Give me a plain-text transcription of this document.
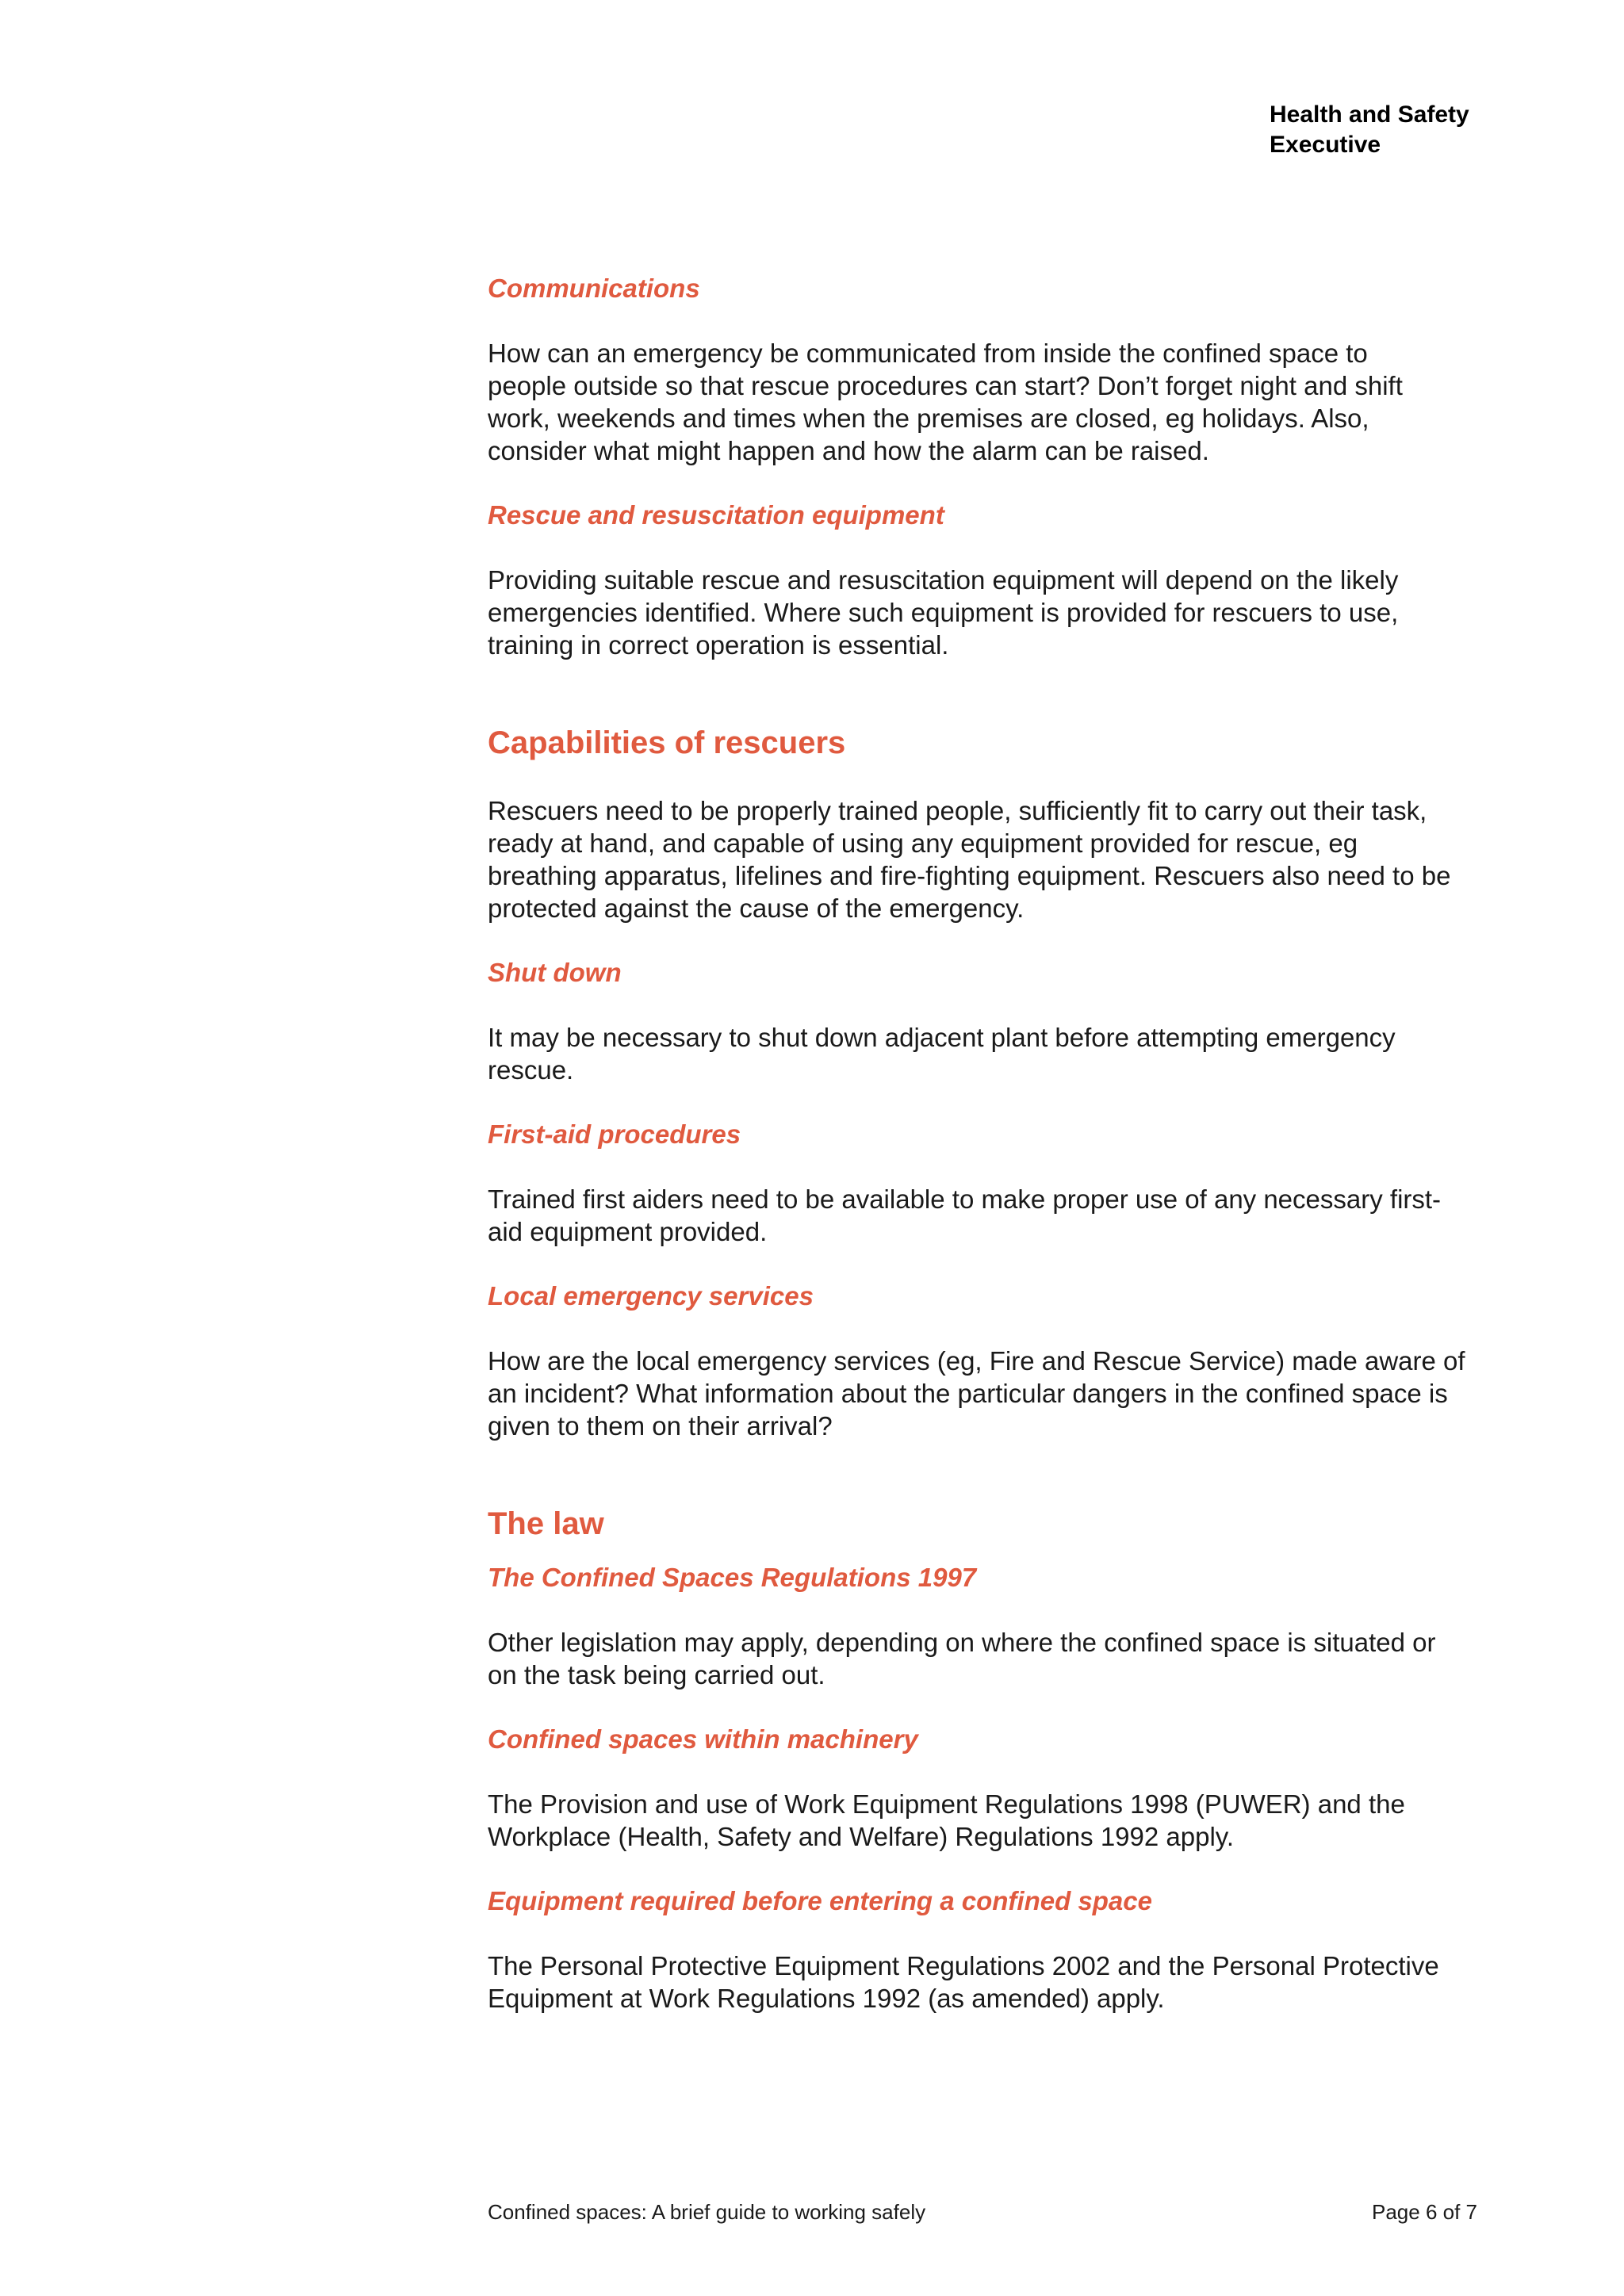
Health and Safety
Executive

Communications

How can an emergency be communicated from inside the confined space to
people outside so that rescue procedures can start? Don’t forget night and shift
work, weekends and times when the premises are closed, eg holidays. Also,
consider what might happen and how the alarm can be raised.

Rescue and resuscitation equipment

Providing suitable rescue and resuscitation equipment will depend on the likely
emergencies identified. Where such equipment is provided for rescuers to use,
training in correct operation is essential.

Capabilities of rescuers

Rescuers need to be properly trained people, sufficiently fit to carry out their task,
ready at hand, and capable of using any equipment provided for rescue, eg
breathing apparatus, lifelines and fire-fighting equipment. Rescuers also need to be
protected against the cause of the emergency.

Shut down

It may be necessary to shut down adjacent plant before attempting emergency
rescue.

First-aid procedures

Trained first aiders need to be available to make proper use of any necessary first-
aid equipment provided.

Local emergency services

How are the local emergency services (eg, Fire and Rescue Service) made aware of
an incident? What information about the particular dangers in the confined space is
given to them on their arrival?

The law

The Confined Spaces Regulations 1997

Other legislation may apply, depending on where the confined space is situated or
on the task being carried out.

Confined spaces within machinery

The Provision and use of Work Equipment Regulations 1998 (PUWER) and the
Workplace (Health, Safety and Welfare) Regulations 1992 apply.

Equipment required before entering a confined space

The Personal Protective Equipment Regulations 2002 and the Personal Protective
Equipment at Work Regulations 1992 (as amended) apply.

Confined spaces: A brief guide to working safely	Page 6 of 7
